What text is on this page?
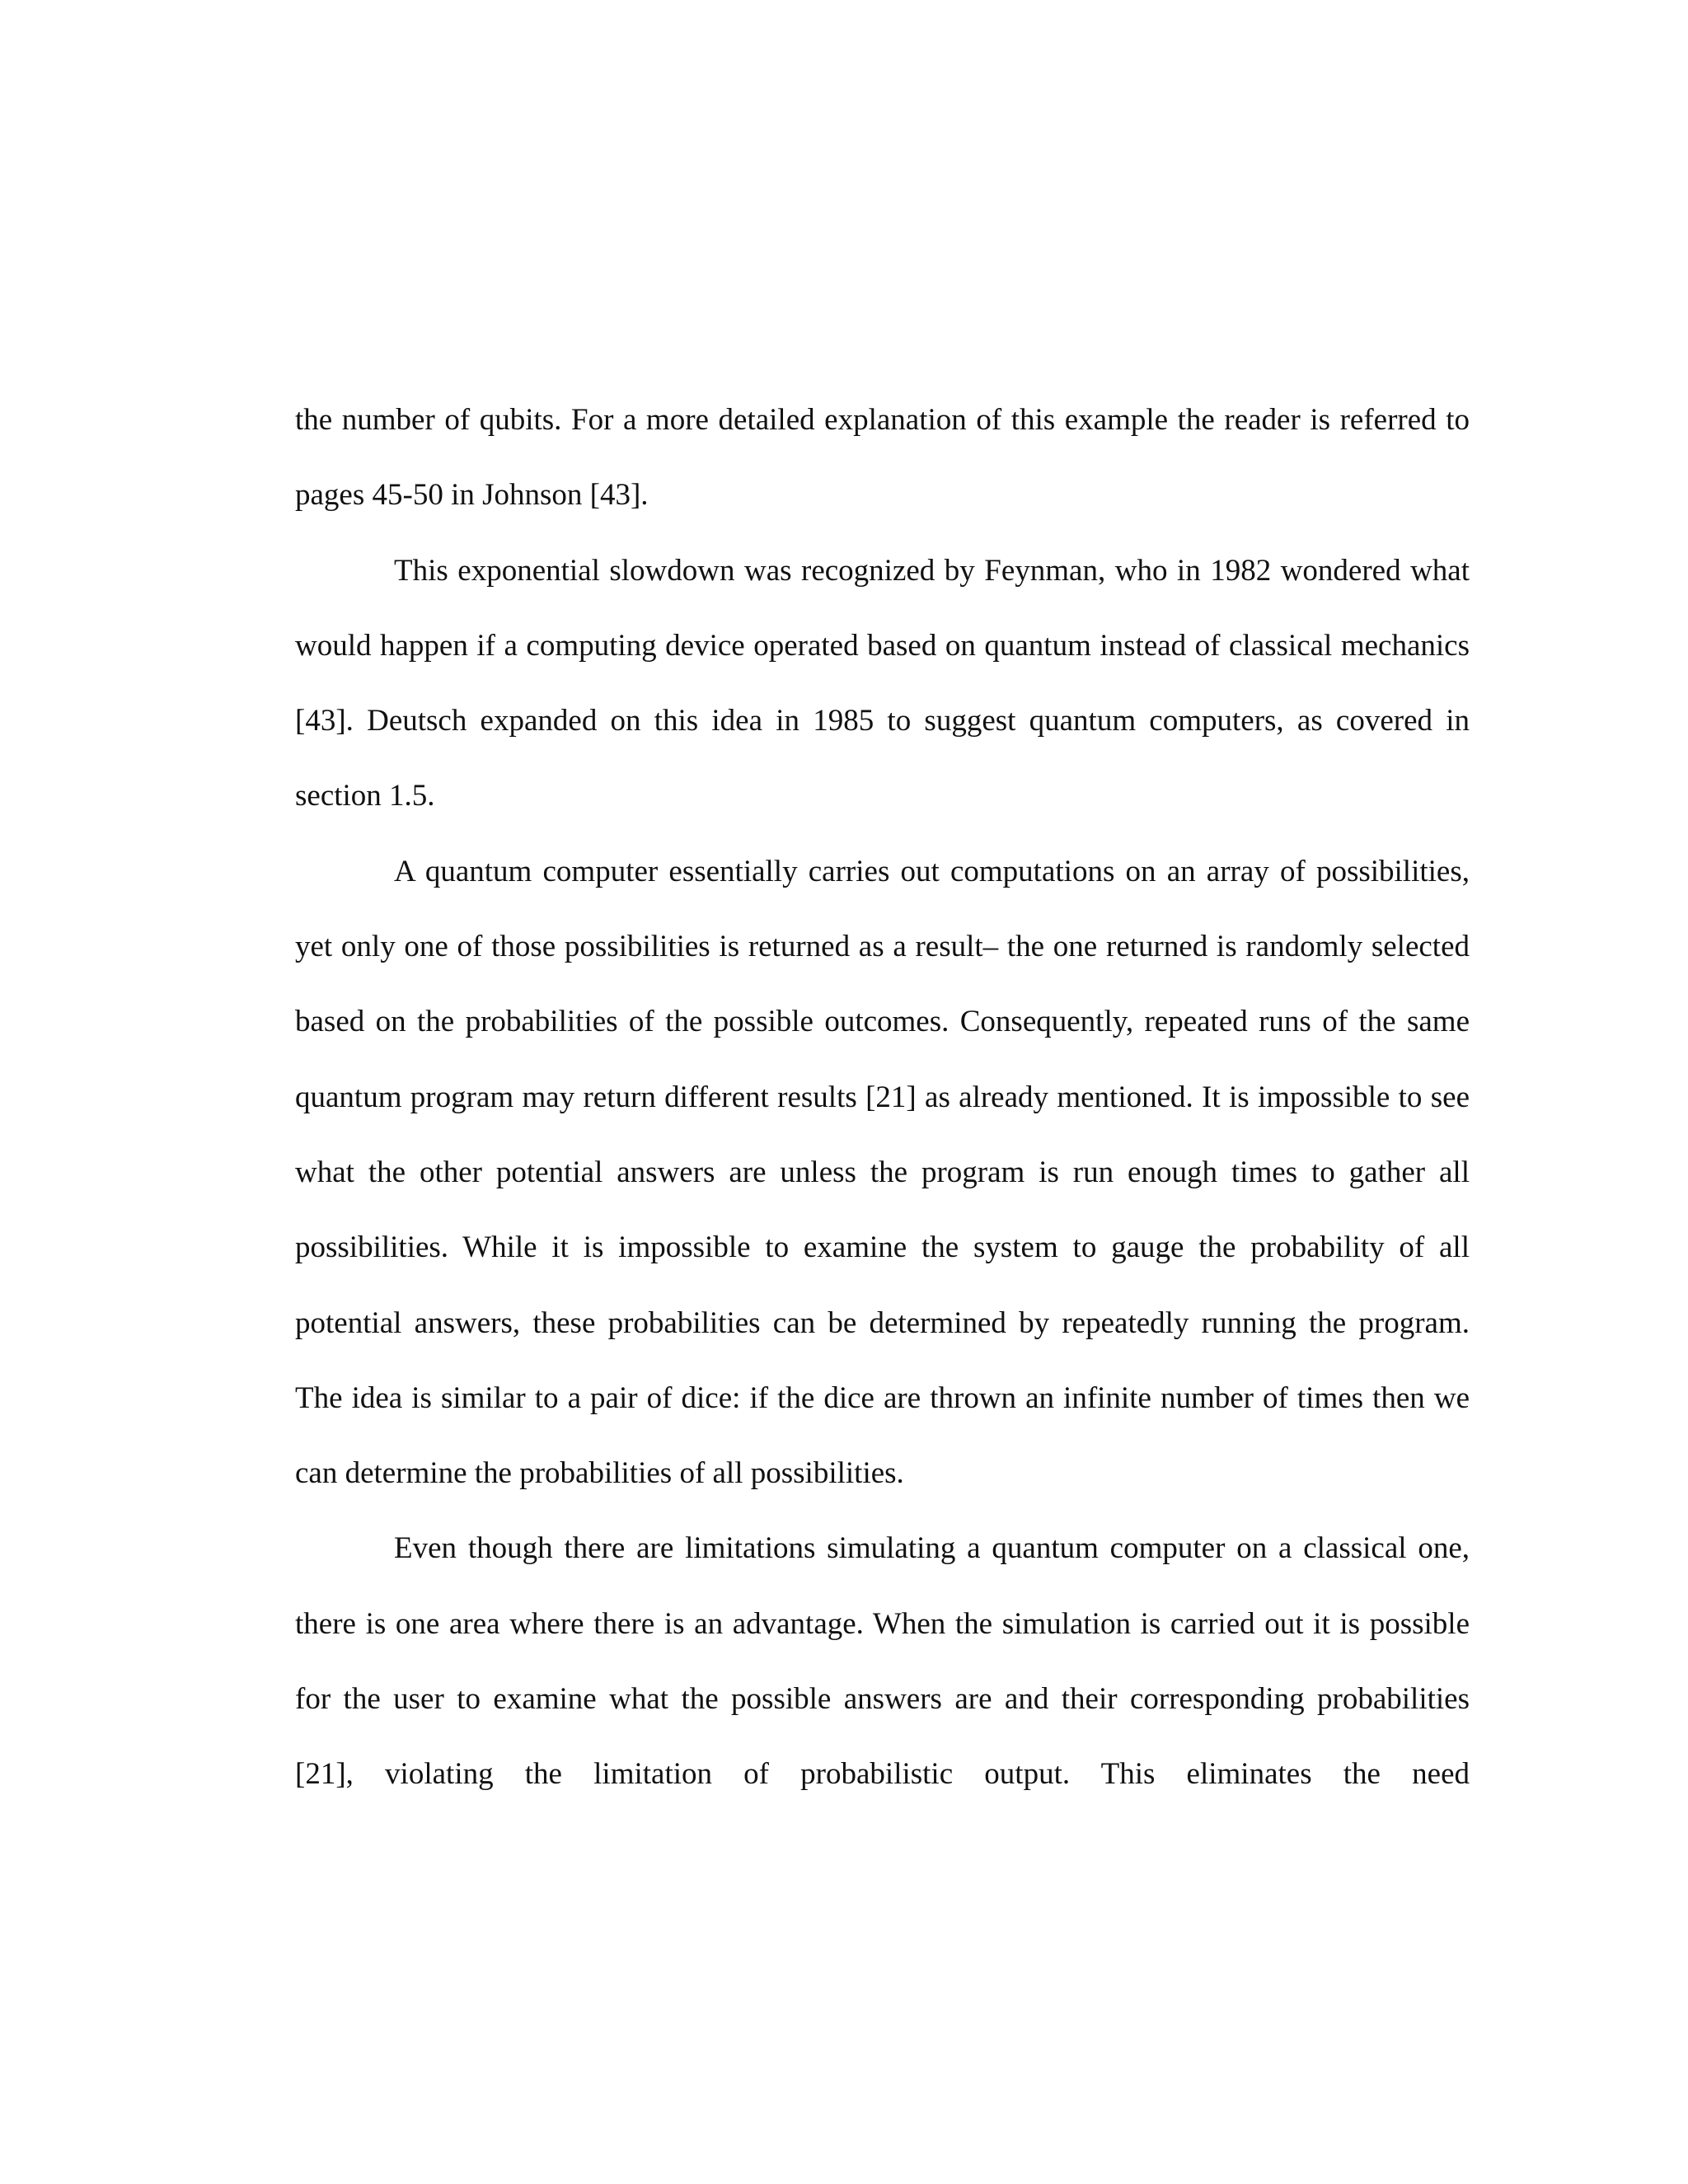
the number of qubits. For a more detailed explanation of this example the reader is referred to pages 45-50 in Johnson [43].

This exponential slowdown was recognized by Feynman, who in 1982 wondered what would happen if a computing device operated based on quantum instead of classical mechanics [43]. Deutsch expanded on this idea in 1985 to suggest quantum computers, as covered in section 1.5.

A quantum computer essentially carries out computations on an array of possibilities, yet only one of those possibilities is returned as a result– the one returned is randomly selected based on the probabilities of the possible outcomes. Consequently, repeated runs of the same quantum program may return different results [21] as already mentioned. It is impossible to see what the other potential answers are unless the program is run enough times to gather all possibilities. While it is impossible to examine the system to gauge the probability of all potential answers, these probabilities can be determined by repeatedly running the program. The idea is similar to a pair of dice: if the dice are thrown an infinite number of times then we can determine the probabilities of all possibilities.

Even though there are limitations simulating a quantum computer on a classical one, there is one area where there is an advantage. When the simulation is carried out it is possible for the user to examine what the possible answers are and their corresponding probabilities [21], violating the limitation of probabilistic output. This eliminates the need
